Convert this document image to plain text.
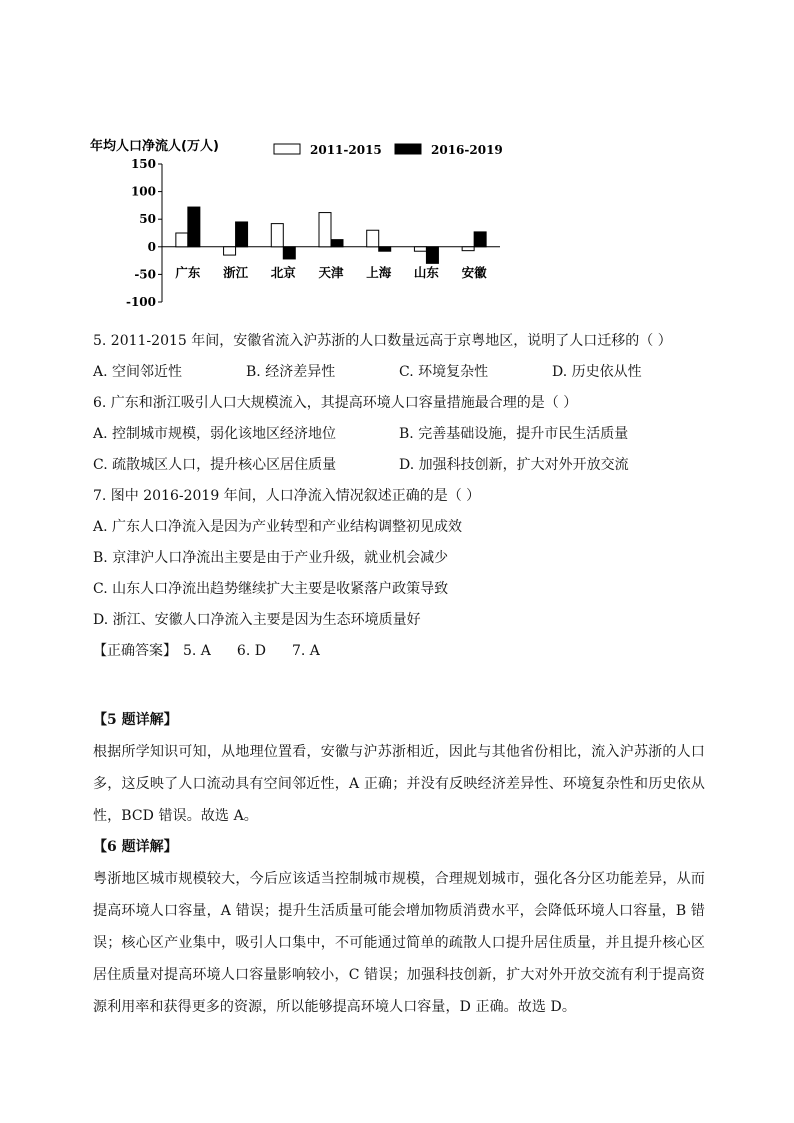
年均人口净流人(万人)	2011-2015	2016-2019
150
100
50
0
-50
-100
广东 浙江 北京 天津 上海 山东 安徽

5. 2011-2015 年间，安徽省流入沪苏浙的人口数量远高于京粤地区，说明了人口迁移的（ ）

A. 空间邻近性	B. 经济差异性	C. 环境复杂性	D. 历史依从性

6. 广东和浙江吸引人口大规模流入，其提高环境人口容量措施最合理的是（ ）

A. 控制城市规模，弱化该地区经济地位	B. 完善基础设施，提升市民生活质量
C. 疏散城区人口，提升核心区居住质量	D. 加强科技创新，扩大对外开放交流

7. 图中 2016-2019 年间，人口净流入情况叙述正确的是（ ）

A. 广东人口净流入是因为产业转型和产业结构调整初见成效

B. 京津沪人口净流出主要是由于产业升级，就业机会减少

C. 山东人口净流出趋势继续扩大主要是收紧落户政策导致

D. 浙江、安徽人口净流入主要是因为生态环境质量好

【正确答案】 5. A 6. D 7. A
【5 题详解】

根据所学知识可知，从地理位置看，安徽与沪苏浙相近，因此与其他省份相比，流入沪苏浙的人口多，这反映了人口流动具有空间邻近性，A 正确；并没有反映经济差异性、环境复杂性和历史依从性，BCD 错误。故选 A。

【6 题详解】

粤浙地区城市规模较大，今后应该适当控制城市规模，合理规划城市，强化各分区功能差异，从而提高环境人口容量，A 错误；提升生活质量可能会增加物质消费水平，会降低环境人口容量，B 错误；核心区产业集中，吸引人口集中，不可能通过简单的疏散人口提升居住质量，并且提升核心区居住质量对提高环境人口容量影响较小，C 错误；加强科技创新，扩大对外开放交流有利于提高资源利用率和获得更多的资源，所以能够提高环境人口容量，D 正确。故选 D。
